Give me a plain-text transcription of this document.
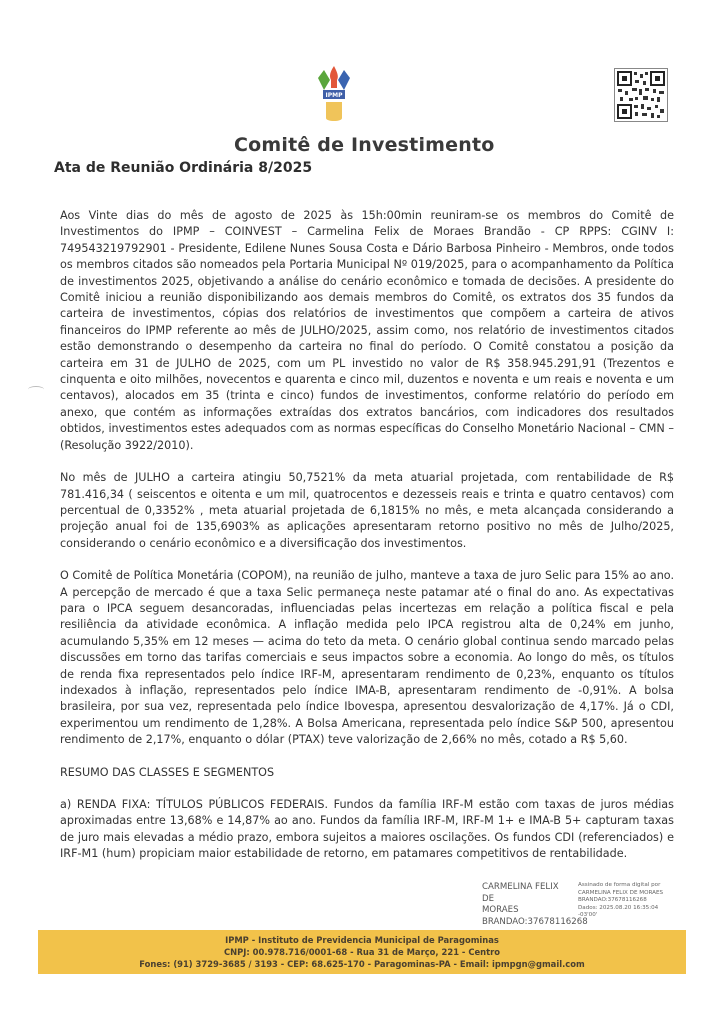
IPMP
Comitê de Investimento
Ata de Reunião Ordinária 8/2025

Aos Vinte dias do mês de agosto de 2025 às 15h:00min reuniram-se os membros do Comitê de Investimentos do IPMP – COINVEST – Carmelina Felix de Moraes Brandão - CP RPPS: CGINV I: 749543219792901 - Presidente, Edilene Nunes Sousa Costa e Dário Barbosa Pinheiro - Membros, onde todos os membros citados são nomeados pela Portaria Municipal Nº 019/2025, para o acompanhamento da Política de investimentos 2025, objetivando a análise do cenário econômico e tomada de decisões. A presidente do Comitê iniciou a reunião disponibilizando aos demais membros do Comitê, os extratos dos 35 fundos da carteira de investimentos, cópias dos relatórios de investimentos que compõem a carteira de ativos financeiros do IPMP referente ao mês de JULHO/2025, assim como, nos relatório de investimentos citados estão demonstrando o desempenho da carteira no final do período. O Comitê constatou a posição da carteira em 31 de JULHO de 2025, com um PL investido no valor de R$ 358.945.291,91 (Trezentos e cinquenta e oito milhões, novecentos e quarenta e cinco mil, duzentos e noventa e um reais e noventa e um centavos), alocados em 35 (trinta e cinco) fundos de investimentos, conforme relatório do período em anexo, que contém as informações extraídas dos extratos bancários, com indicadores dos resultados obtidos, investimentos estes adequados com as normas específicas do Conselho Monetário Nacional – CMN – (Resolução 3922/2010).

No mês de JULHO a carteira atingiu 50,7521% da meta atuarial projetada, com rentabilidade de R$ 781.416,34 ( seiscentos e oitenta e um mil, quatrocentos e dezesseis reais e trinta e quatro centavos) com percentual de 0,3352% , meta atuarial projetada de 6,1815% no mês, e meta alcançada considerando a projeção anual foi de 135,6903% as aplicações apresentaram retorno positivo no mês de Julho/2025, considerando o cenário econômico e a diversificação dos investimentos.

O Comitê de Política Monetária (COPOM), na reunião de julho, manteve a taxa de juro Selic para 15% ao ano. A percepção de mercado é que a taxa Selic permaneça neste patamar até o final do ano. As expectativas para o IPCA seguem desancoradas, influenciadas pelas incertezas em relação a política fiscal e pela resiliência da atividade econômica. A inflação medida pelo IPCA registrou alta de 0,24% em junho, acumulando 5,35% em 12 meses — acima do teto da meta. O cenário global continua sendo marcado pelas discussões em torno das tarifas comerciais e seus impactos sobre a economia. Ao longo do mês, os títulos de renda fixa representados pelo índice IRF-M, apresentaram rendimento de 0,23%, enquanto os títulos indexados à inflação, representados pelo índice IMA-B, apresentaram rendimento de -0,91%. A bolsa brasileira, por sua vez, representada pelo índice Ibovespa, apresentou desvalorização de 4,17%. Já o CDI, experimentou um rendimento de 1,28%. A Bolsa Americana, representada pelo índice S&P 500, apresentou rendimento de 2,17%, enquanto o dólar (PTAX) teve valorização de 2,66% no mês, cotado a R$ 5,60.

RESUMO DAS CLASSES E SEGMENTOS

a) RENDA FIXA: TÍTULOS PÚBLICOS FEDERAIS. Fundos da família IRF-M estão com taxas de juros médias aproximadas entre 13,68% e 14,87% ao ano. Fundos da família IRF-M, IRF-M 1+ e IMA-B 5+ capturam taxas de juro mais elevadas a médio prazo, embora sujeitos a maiores oscilações. Os fundos CDI (referenciados) e IRF-M1 (hum) propiciam maior estabilidade de retorno, em patamares competitivos de rentabilidade.

CARMELINA FELIX DE
MORAES
BRANDAO:37678116268
Assinado de forma digital por
CARMELINA FELIX DE MORAES
BRANDAO:37678116268
Dados: 2025.08.20 16:35:04
-03'00'
IPMP - Instituto de Previdencia Municipal de Paragominas
CNPJ: 00.978.716/0001-68 - Rua 31 de Março, 221 - Centro
Fones: (91) 3729-3685 / 3193 - CEP: 68.625-170 - Paragominas-PA - Email: ipmpgn@gmail.com
